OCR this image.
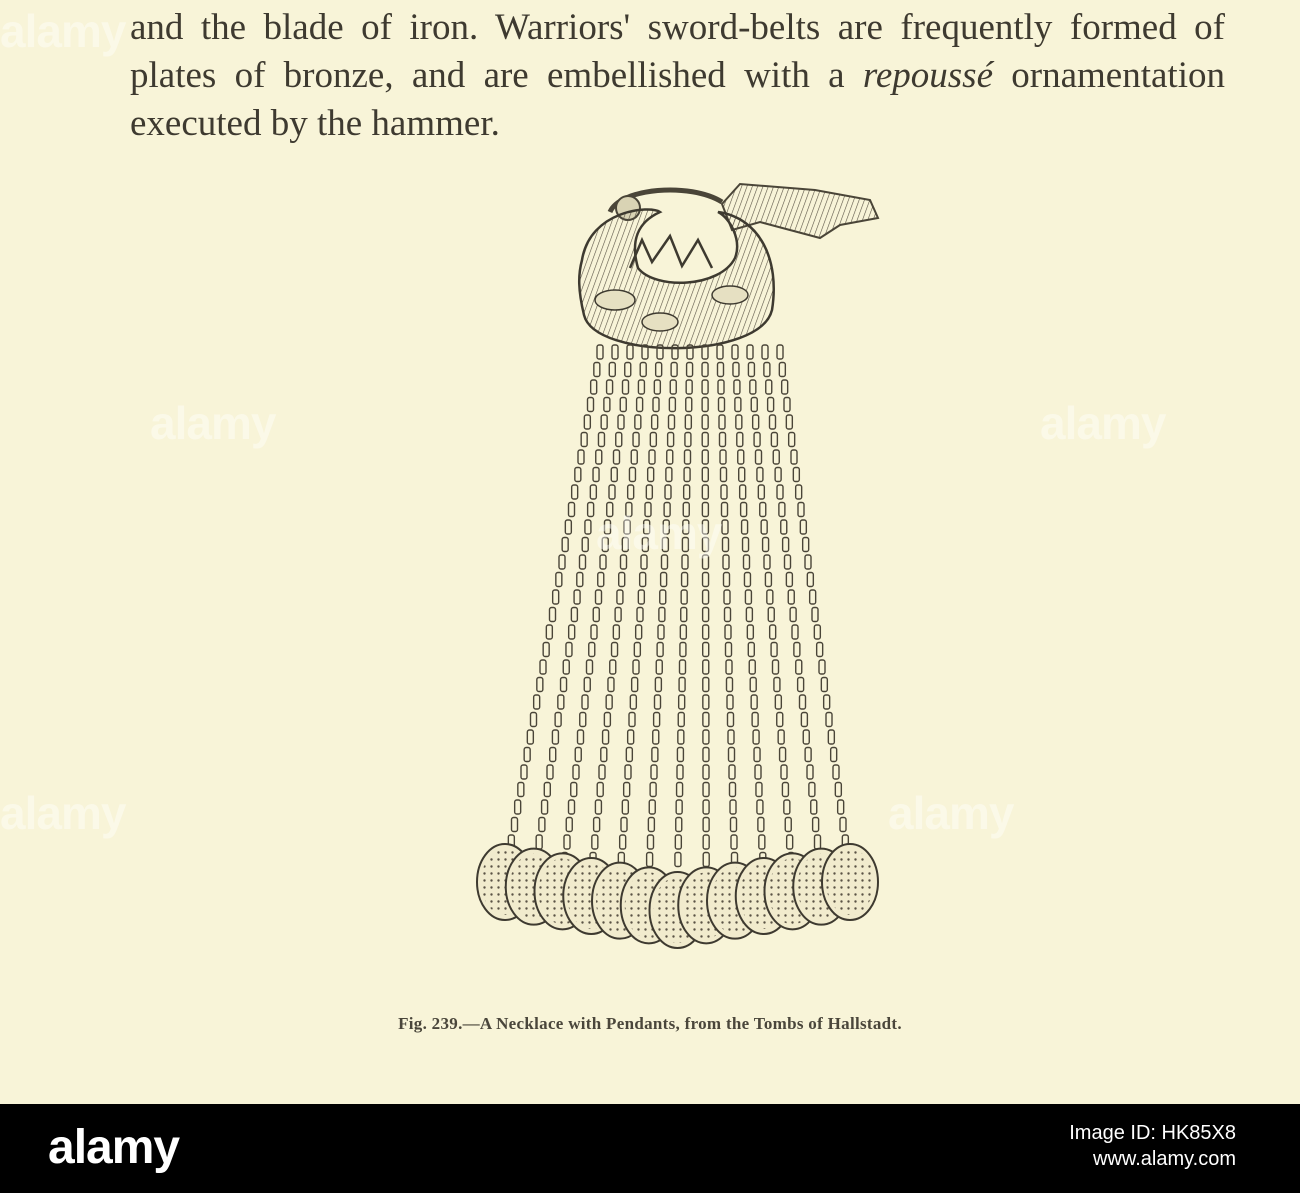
and the blade of iron. Warriors' sword-belts are frequently formed of
plates of bronze, and are embellished with a repoussé ornamentation
executed by the hammer.

Fig. 239.—A Necklace with Pendants, from the Tombs of Hallstadt.

alamy
alamy	alamy
alamy	alamy
alamy
alamy	Image ID: HK85X8
www.alamy.com
